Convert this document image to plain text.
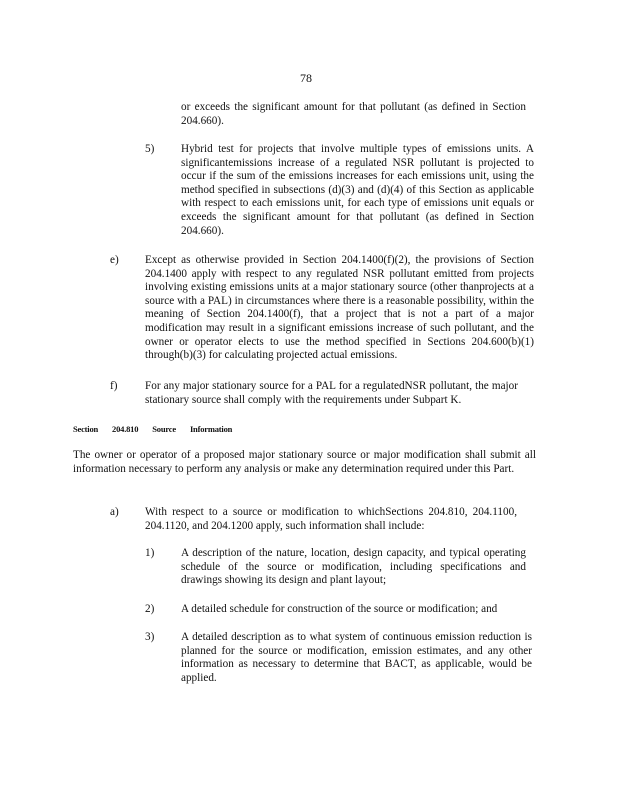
78
or exceeds the significant amount for that pollutant (as defined in Section 204.660).
5) Hybrid test for projects that involve multiple types of emissions units. A significantemissions increase of a regulated NSR pollutant is projected to occur if the sum of the emissions increases for each emissions unit, using the method specified in subsections (d)(3) and (d)(4) of this Section as applicable with respect to each emissions unit, for each type of emissions unit equals or exceeds the significant amount for that pollutant (as defined in Section 204.660).
e) Except as otherwise provided in Section 204.1400(f)(2), the provisions of Section 204.1400 apply with respect to any regulated NSR pollutant emitted from projects involving existing emissions units at a major stationary source (other thanprojects at a source with a PAL) in circumstances where there is a reasonable possibility, within the meaning of Section 204.1400(f), that a project that is not a part of a major modification may result in a significant emissions increase of such pollutant, and the owner or operator elects to use the method specified in Sections 204.600(b)(1) through(b)(3) for calculating projected actual emissions.
f) For any major stationary source for a PAL for a regulatedNSR pollutant, the major stationary source shall comply with the requirements under Subpart K.
Section 204.810 Source Information
The owner or operator of a proposed major stationary source or major modification shall submit all information necessary to perform any analysis or make any determination required under this Part.
a) With respect to a source or modification to whichSections 204.810, 204.1100, 204.1120, and 204.1200 apply, such information shall include:
1) A description of the nature, location, design capacity, and typical operating schedule of the source or modification, including specifications and drawings showing its design and plant layout;
2) A detailed schedule for construction of the source or modification; and
3) A detailed description as to what system of continuous emission reduction is planned for the source or modification, emission estimates, and any other information as necessary to determine that BACT, as applicable, would be applied.
